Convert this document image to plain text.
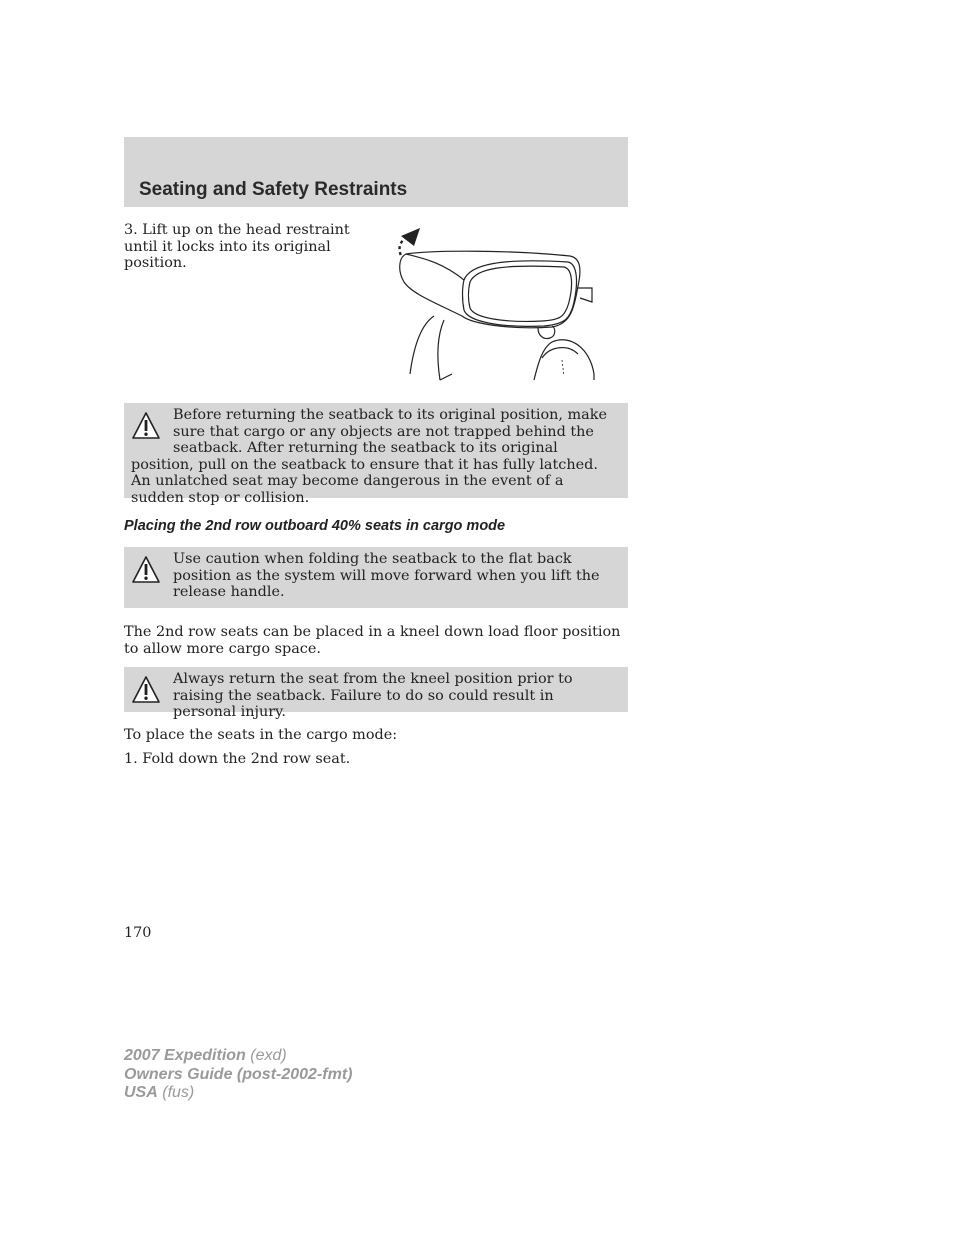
Seating and Safety Restraints
3. Lift up on the head restraint until it locks into its original position.
Before returning the seatback to its original position, make sure that cargo or any objects are not trapped behind the seatback. After returning the seatback to its original position, pull on the seatback to ensure that it has fully latched. An unlatched seat may become dangerous in the event of a sudden stop or collision.
Placing the 2nd row outboard 40% seats in cargo mode
Use caution when folding the seatback to the flat back position as the system will move forward when you lift the release handle.
The 2nd row seats can be placed in a kneel down load floor position to allow more cargo space.
Always return the seat from the kneel position prior to raising the seatback. Failure to do so could result in personal injury.
To place the seats in the cargo mode:
1. Fold down the 2nd row seat.
170
2007 Expedition (exd)
Owners Guide (post-2002-fmt)
USA (fus)
